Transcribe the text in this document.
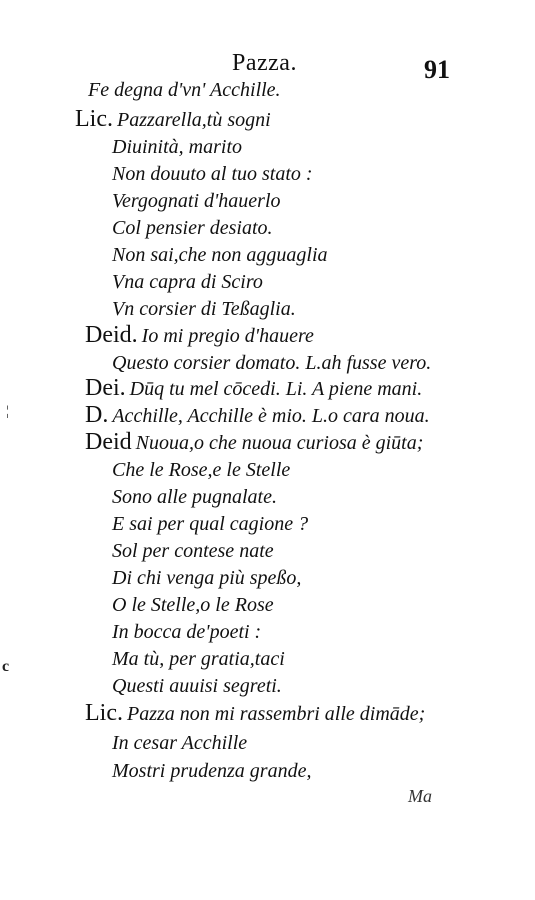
Pazza.	91
Fe degna d'vn' Acchille.
Lic. Pazzarella,tù sogni
Diuinità, marito
Non douuto al tuo stato :
Vergognati d'hauerlo
Col pensier desiato.
Non sai,che non agguaglia
Vna capra di Sciro
Vn corsier di Teßaglia.
Deid. Io mi pregio d'hauere
Questo corsier domato. L.ah fusse vero.
Dei. Dūq tu mel cōcedi. Li. A piene mani.
D. Acchille, Acchille è mio. L.o cara noua.
Deid Nuoua,o che nuoua curiosa è giūta;
Che le Rose,e le Stelle
Sono alle pugnalate.
E sai per qual cagione ?
Sol per contese nate
Di chi venga più speßo,
O le Stelle,o le Rose
In bocca de'poeti :
Ma tù, per gratia,taci
Questi auuisi segreti.
Lic. Pazza non mi rassembri alle dimāde;
In cesar Acchille
Mostri prudenza grande,
Ma
¦
c
